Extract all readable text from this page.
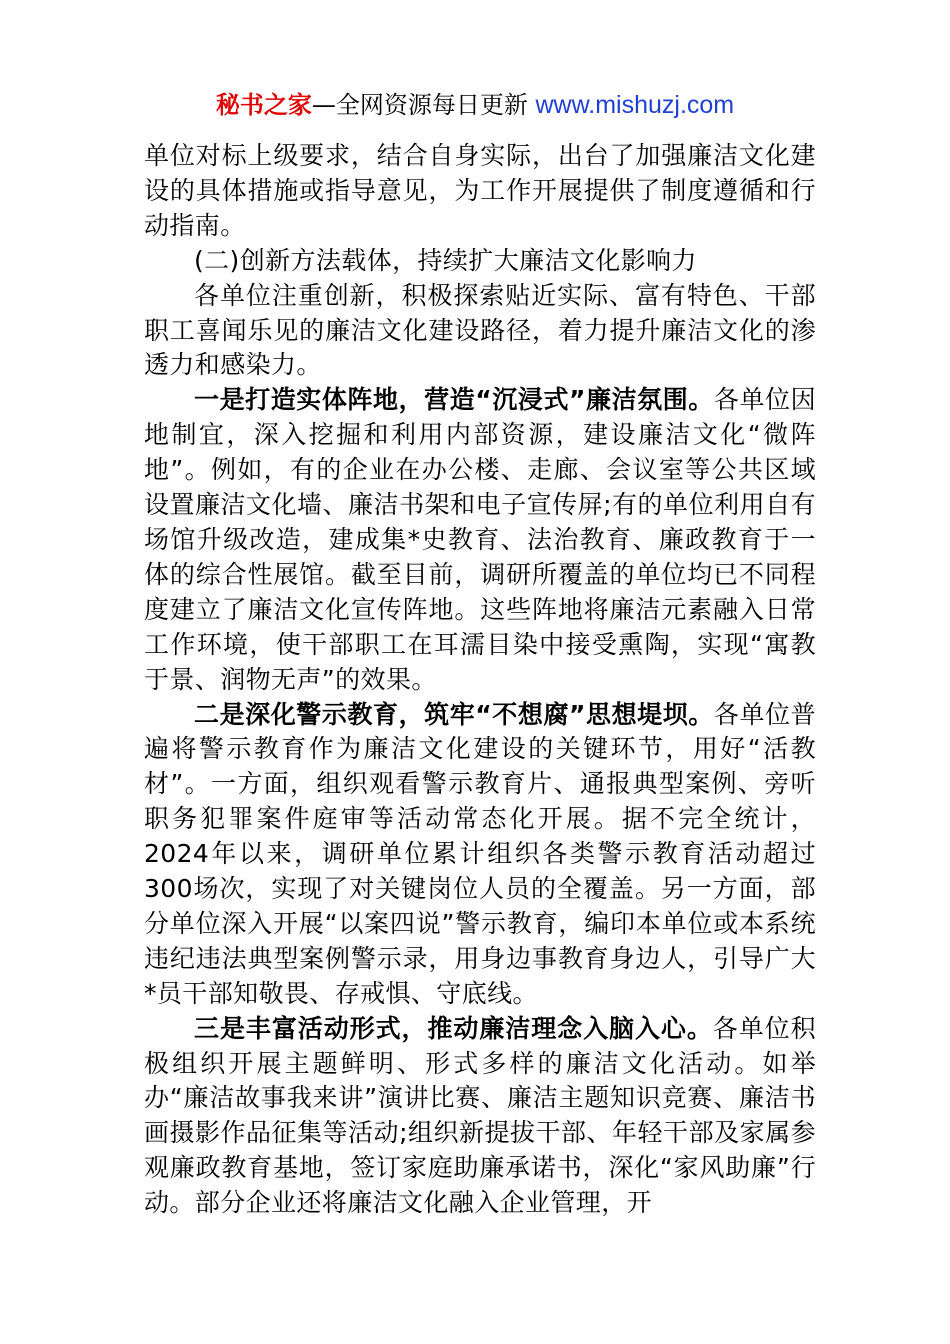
秘书之家—全网资源每日更新 www.mishuzj.com

单位对标上级要求，结合自身实际，出台了加强廉洁文化建设的具体措施或指导意见，为工作开展提供了制度遵循和行动指南。

(二)创新方法载体，持续扩大廉洁文化影响力

各单位注重创新，积极探索贴近实际、富有特色、干部职工喜闻乐见的廉洁文化建设路径，着力提升廉洁文化的渗透力和感染力。

一是打造实体阵地，营造“沉浸式”廉洁氛围。各单位因地制宜，深入挖掘和利用内部资源，建设廉洁文化“微阵地”。例如，有的企业在办公楼、走廊、会议室等公共区域设置廉洁文化墙、廉洁书架和电子宣传屏;有的单位利用自有场馆升级改造，建成集*史教育、法治教育、廉政教育于一体的综合性展馆。截至目前，调研所覆盖的单位均已不同程度建立了廉洁文化宣传阵地。这些阵地将廉洁元素融入日常工作环境，使干部职工在耳濡目染中接受熏陶，实现“寓教于景、润物无声”的效果。

二是深化警示教育，筑牢“不想腐”思想堤坝。各单位普遍将警示教育作为廉洁文化建设的关键环节，用好“活教材”。一方面，组织观看警示教育片、通报典型案例、旁听职务犯罪案件庭审等活动常态化开展。据不完全统计，2024年以来，调研单位累计组织各类警示教育活动超过300场次，实现了对关键岗位人员的全覆盖。另一方面，部分单位深入开展“以案四说”警示教育，编印本单位或本系统违纪违法典型案例警示录，用身边事教育身边人，引导广大*员干部知敬畏、存戒惧、守底线。

三是丰富活动形式，推动廉洁理念入脑入心。各单位积极组织开展主题鲜明、形式多样的廉洁文化活动。如举办“廉洁故事我来讲”演讲比赛、廉洁主题知识竞赛、廉洁书画摄影作品征集等活动;组织新提拔干部、年轻干部及家属参观廉政教育基地，签订家庭助廉承诺书，深化“家风助廉”行动。部分企业还将廉洁文化融入企业管理，开
